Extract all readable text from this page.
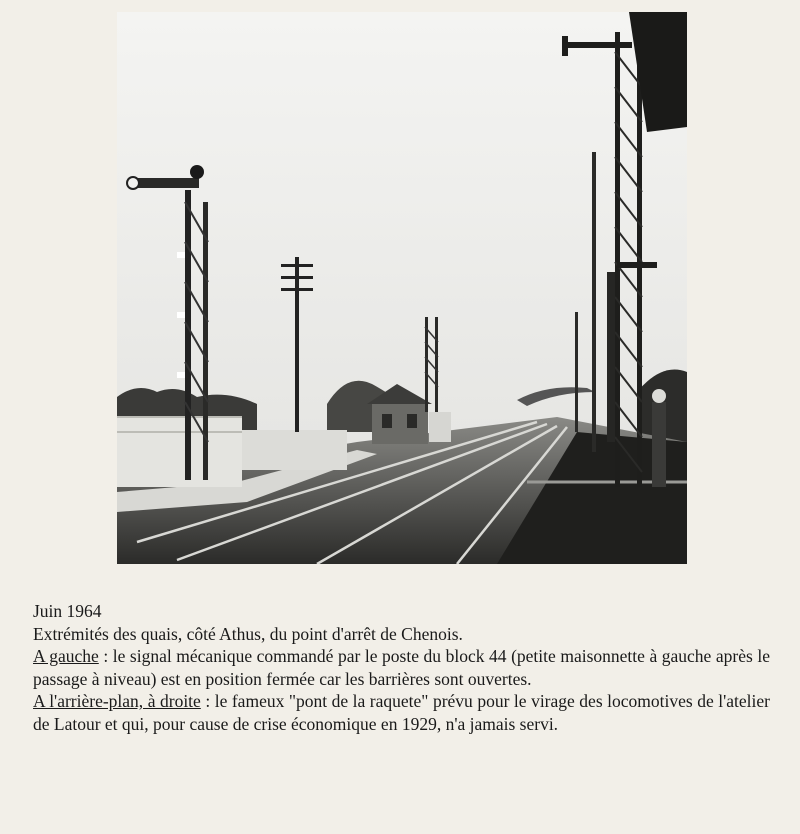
Juin 1964

Extrémités des quais, côté Athus, du point d'arrêt de Chenois.

A gauche : le signal mécanique commandé par le poste du block 44 (petite maisonnette à gauche après le passage à niveau) est en position fermée car les barrières sont ouvertes.

A l'arrière-plan, à droite : le fameux "pont de la raquete" prévu pour le virage des locomotives de l'atelier de Latour et qui, pour cause de crise économique en 1929, n'a jamais servi.
